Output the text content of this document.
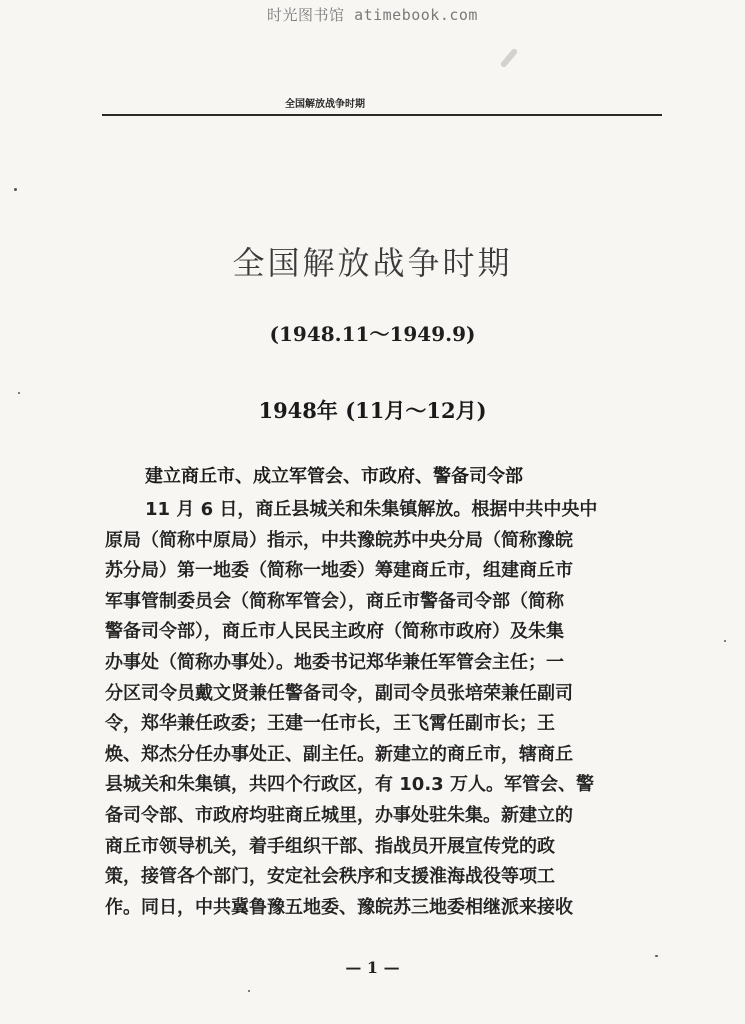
时光图书馆 atimebook.com
全国解放战争时期
全国解放战争时期
(1948.11～1949.9)
1948年 (11月～12月)
建立商丘市、成立军管会、市政府、警备司令部
11 月 6 日，商丘县城关和朱集镇解放。根据中共中央中
原局（简称中原局）指示，中共豫皖苏中央分局（简称豫皖
苏分局）第一地委（简称一地委）筹建商丘市，组建商丘市
军事管制委员会（简称军管会），商丘市警备司令部（简称
警备司令部），商丘市人民民主政府（简称市政府）及朱集
办事处（简称办事处）。地委书记郑华兼任军管会主任；一
分区司令员戴文贤兼任警备司令，副司令员张培荣兼任副司
令，郑华兼任政委；王建一任市长，王飞霄任副市长；王
焕、郑杰分任办事处正、副主任。新建立的商丘市，辖商丘
县城关和朱集镇，共四个行政区，有 10.3 万人。军管会、警
备司令部、市政府均驻商丘城里，办事处驻朱集。新建立的
商丘市领导机关，着手组织干部、指战员开展宣传党的政
策，接管各个部门，安定社会秩序和支援淮海战役等项工
作。同日，中共冀鲁豫五地委、豫皖苏三地委相继派来接收
— 1 —
